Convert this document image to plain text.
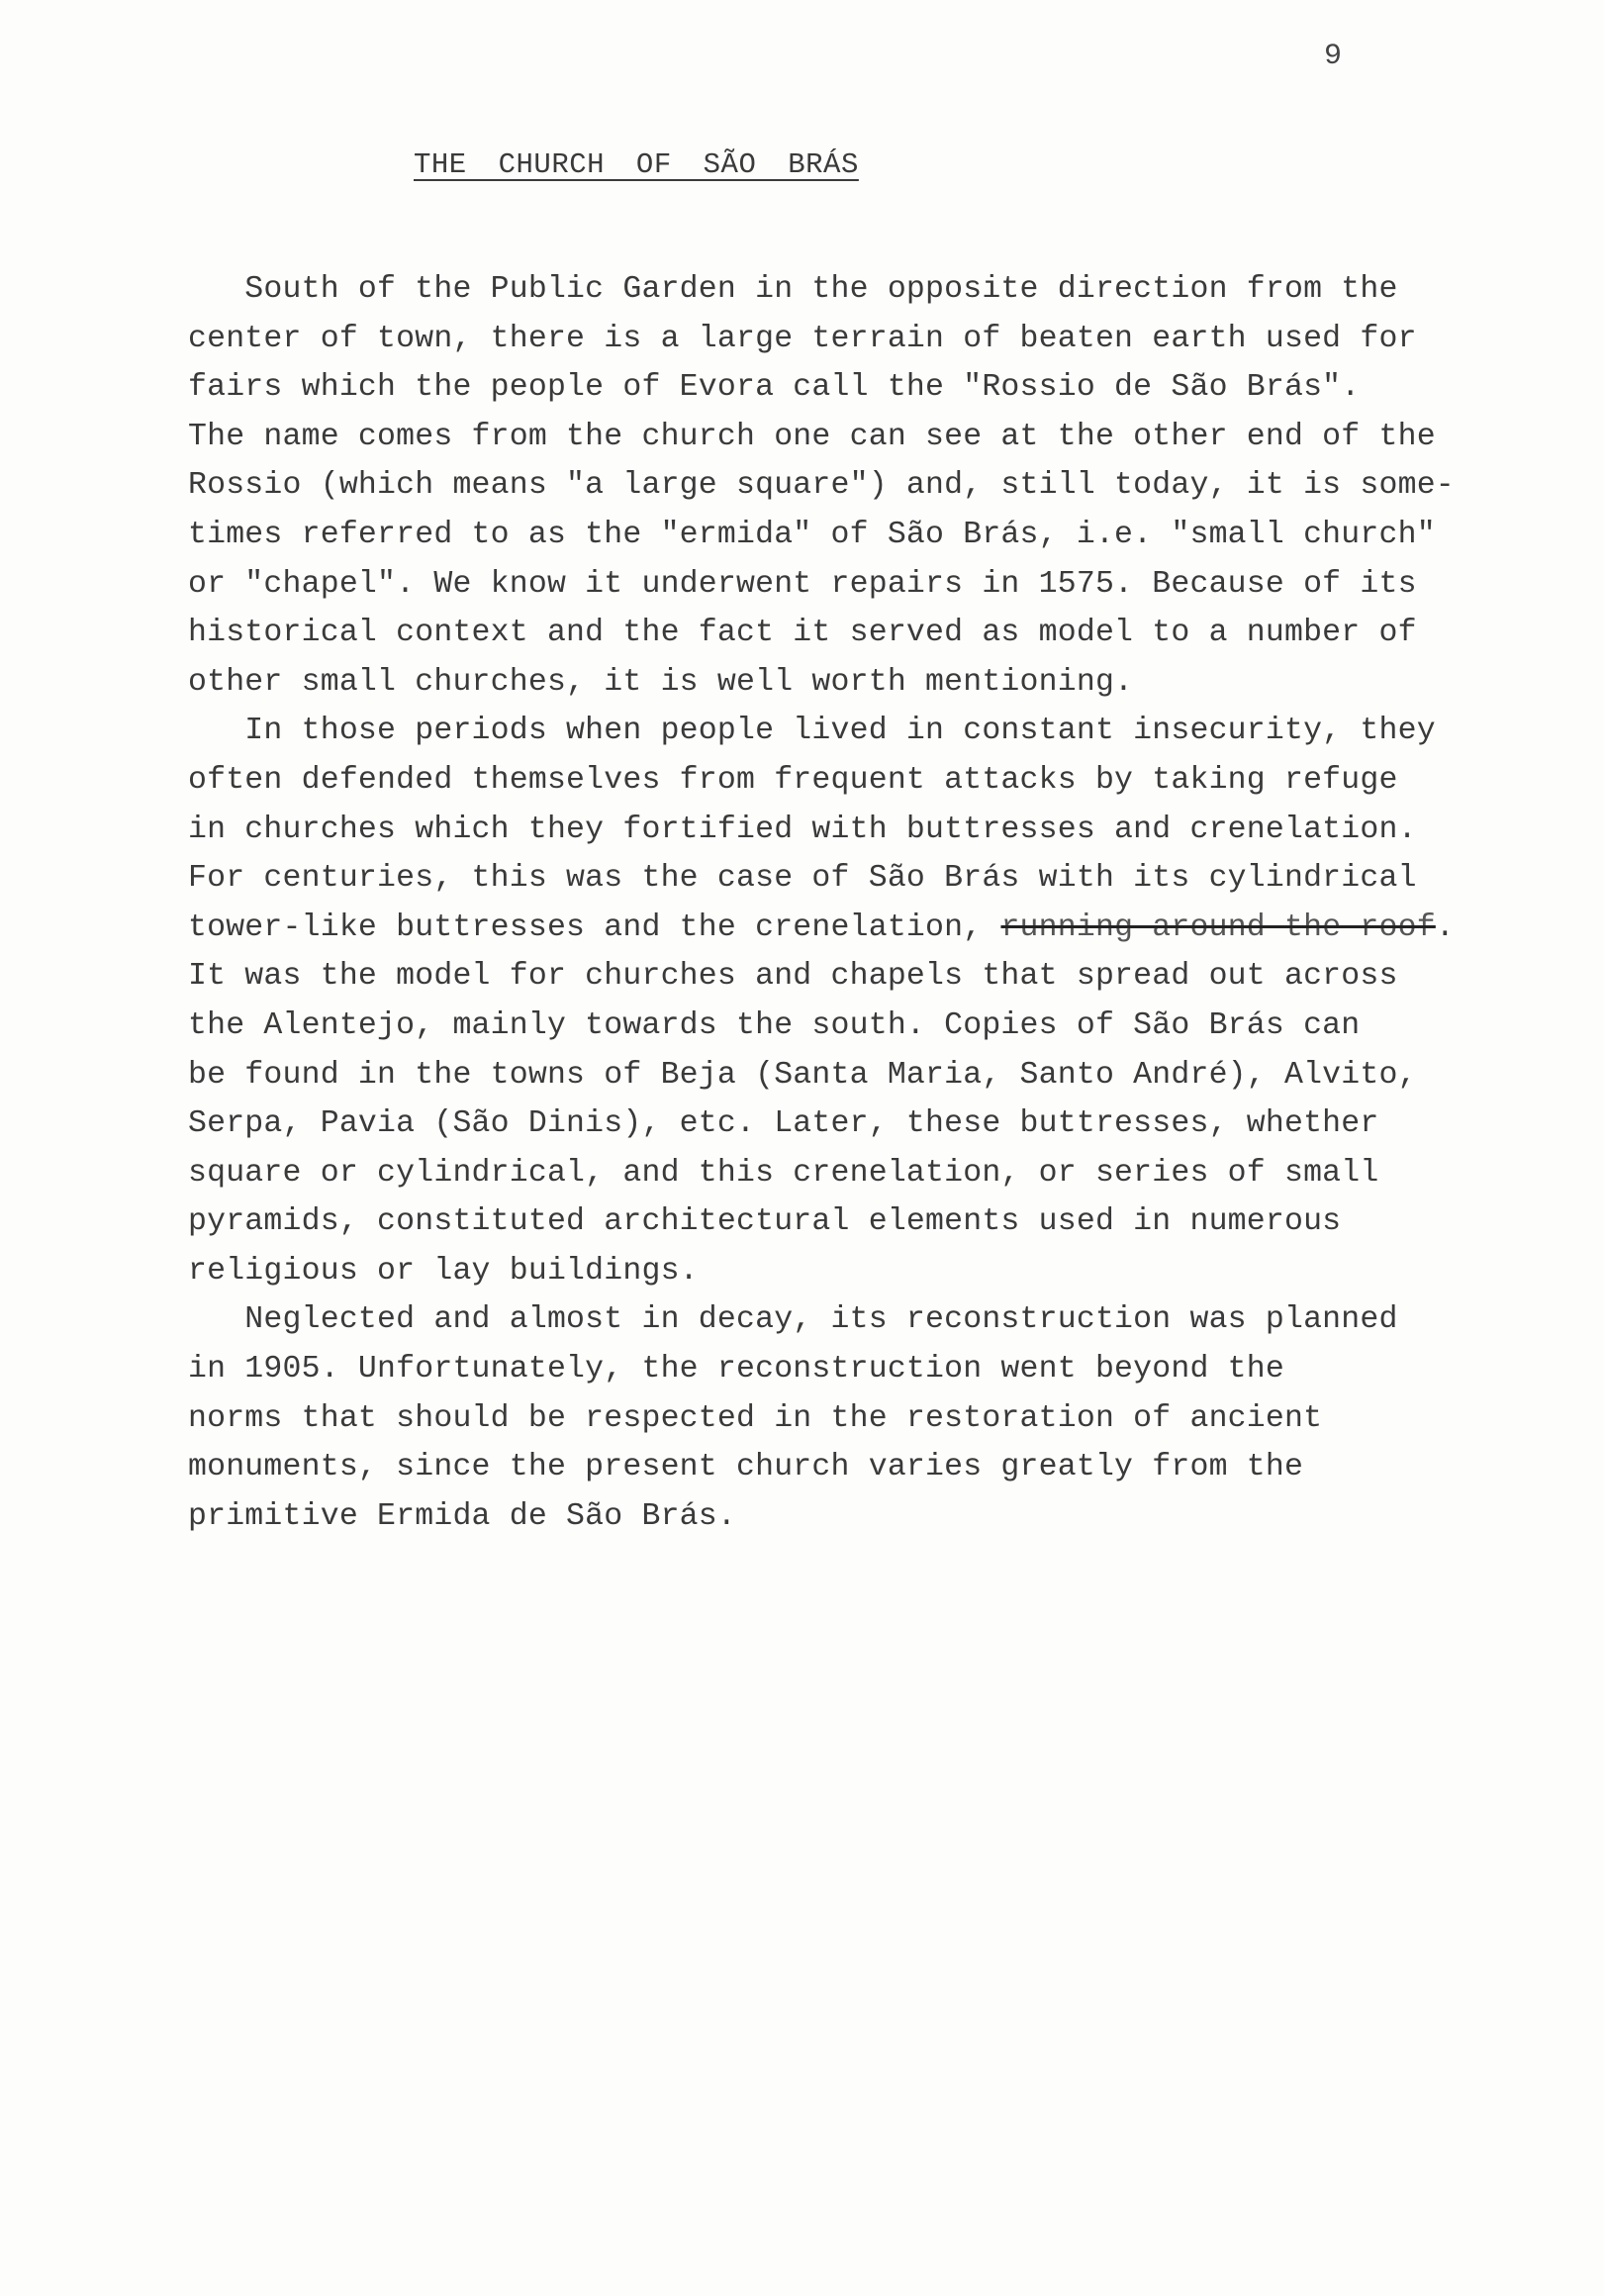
9
THE CHURCH OF SÃO BRÁS
South of the Public Garden in the opposite direction from the
center of town, there is a large terrain of beaten earth used for
fairs which the people of Evora call the "Rossio de São Brás".
The name comes from the church one can see at the other end of the
Rossio (which means "a large square") and, still today, it is some-
times referred to as the "ermida" of São Brás, i.e. "small church"
or "chapel". We know it underwent repairs in 1575. Because of its
historical context and the fact it served as model to a number of
other small churches, it is well worth mentioning.
In those periods when people lived in constant insecurity, they
often defended themselves from frequent attacks by taking refuge
in churches which they fortified with buttresses and crenelation.
For centuries, this was the case of São Brás with its cylindrical
tower-like buttresses and the crenelation, running around the roof.
It was the model for churches and chapels that spread out across
the Alentejo, mainly towards the south. Copies of São Brás can
be found in the towns of Beja (Santa Maria, Santo André), Alvito,
Serpa, Pavia (São Dinis), etc. Later, these buttresses, whether
square or cylindrical, and this crenelation, or series of small
pyramids, constituted architectural elements used in numerous
religious or lay buildings.
Neglected and almost in decay, its reconstruction was planned
in 1905. Unfortunately, the reconstruction went beyond the
norms that should be respected in the restoration of ancient
monuments, since the present church varies greatly from the
primitive Ermida de São Brás.
